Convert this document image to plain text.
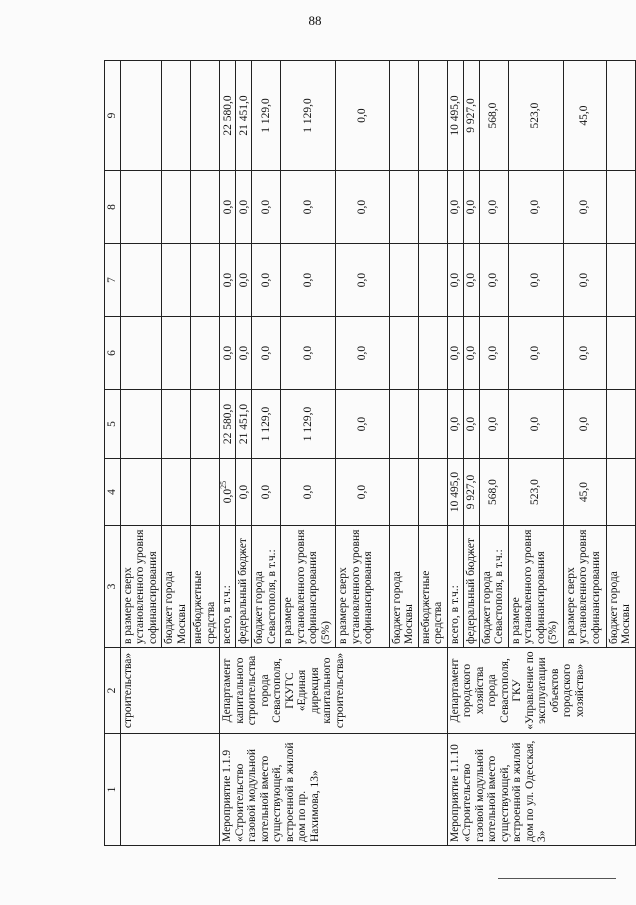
88
1	2	3	4	5	6	7	8	9
	строительства»	в размере сверх установленного уровня софинансирования						
		бюджет города Москвы						
		внебюджетные средства						
Мероприятие 1.1.9 «Строительство газовой модульной котельной вместо существующей, встроенной в жилой дом по пр. Нахимова, 13»	Департамент капитального строительства города Севастополя, ГКУГС «Единая дирекция капитального строительства»	всего, в т.ч.:	$0,0^{25}$	22 580,0	0,0	0,0	0,0	22 580,0
		федеральный бюджет	0,0	21 451,0	0,0	0,0	0,0	21 451,0
		бюджет города Севастополя, в т.ч.:	0,0	1 129,0	0,0	0,0	0,0	1 129,0
		в размере установленного уровня софинансирования (5%)	0,0	1 129,0	0,0	0,0	0,0	1 129,0
		в размере сверх установленного уровня софинансирования	0,0	0,0	0,0	0,0	0,0	0,0
		бюджет города Москвы						
		внебюджетные средства						
Мероприятие 1.1.10 «Строительство газовой модульной котельной вместо существующей, встроенной в жилой дом по ул. Одесская, 3»	Департамент городского хозяйства города Севастополя, ГКУ «Управление по эксплуатации объектов городского хозяйства»	всего, в т.ч.:	10 495,0	0,0	0,0	0,0	0,0	10 495,0
		федеральный бюджет	9 927,0	0,0	0,0	0,0	0,0	9 927,0
		бюджет города Севастополя, в т.ч.:	568,0	0,0	0,0	0,0	0,0	568,0
		в размере установленного уровня софинансирования (5%)	523,0	0,0	0,0	0,0	0,0	523,0
		в размере сверх установленного уровня софинансирования	45,0	0,0	0,0	0,0	0,0	45,0
		бюджет города Москвы						
